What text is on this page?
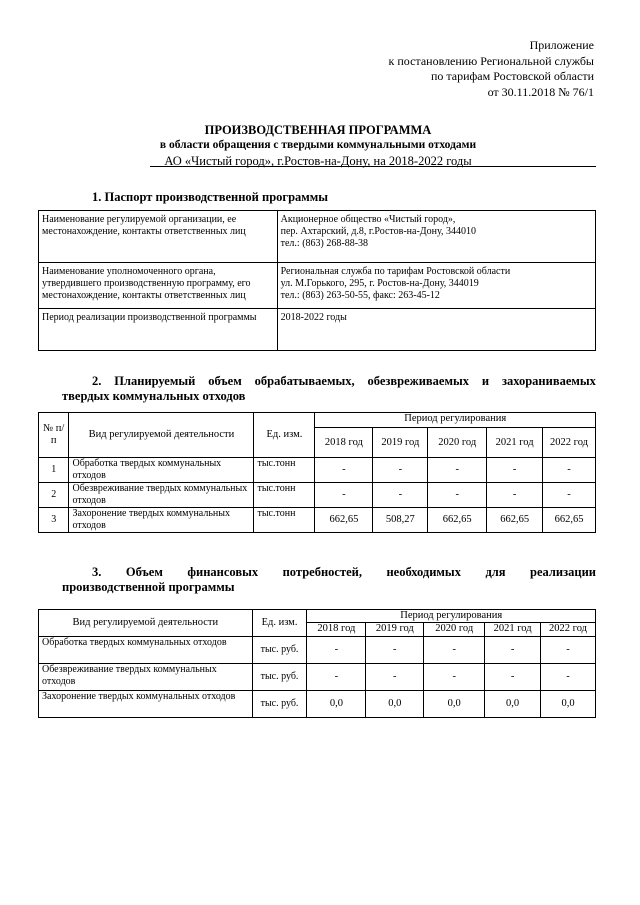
Приложение
к постановлению Региональной службы
по тарифам Ростовской области
от 30.11.2018 № 76/1
ПРОИЗВОДСТВЕННАЯ ПРОГРАММА
в области обращения с твердыми коммунальными отходами
АО «Чистый город», г.Ростов-на-Дону, на 2018-2022 годы
1. Паспорт производственной программы
Наименование регулируемой организации, ее местонахождение, контакты ответственных лиц	Акционерное общество «Чистый город»,
пер. Ахтарский, д.8, г.Ростов-на-Дону, 344010
тел.: (863) 268-88-38

Наименование уполномоченного органа, утвердившего производственную программу, его местонахождение, контакты ответственных лиц	Региональная служба по тарифам Ростовской области
ул. М.Горького, 295, г. Ростов-на-Дону, 344019
тел.: (863) 263-50-55, факс: 263-45-12

Период реализации производственной программы	2018-2022 годы
2. Планируемый объем обрабатываемых, обезвреживаемых и захораниваемых
твердых коммунальных отходов
№ п/п	Вид регулируемой деятельности	Ед. изм.	Период регулирования				
			2018 год	2019 год	2020 год	2021 год	2022 год
1	Обработка твердых коммунальных отходов	тыс.тонн	-	-	-	-	-
2	Обезвреживание твердых коммунальных отходов	тыс.тонн	-	-	-	-	-
3	Захоронение твердых коммунальных отходов	тыс.тонн	662,65	508,27	662,65	662,65	662,65
3. Объем финансовых потребностей, необходимых для реализации
производственной программы
Вид регулируемой деятельности	Ед. изм.	Период регулирования				
		2018 год	2019 год	2020 год	2021 год	2022 год
Обработка твердых коммунальных отходов	тыс. руб.	-	-	-	-	-
Обезвреживание твердых коммунальных отходов	тыс. руб.	-	-	-	-	-
Захоронение твердых коммунальных отходов	тыс. руб.	0,0	0,0	0,0	0,0	0,0
